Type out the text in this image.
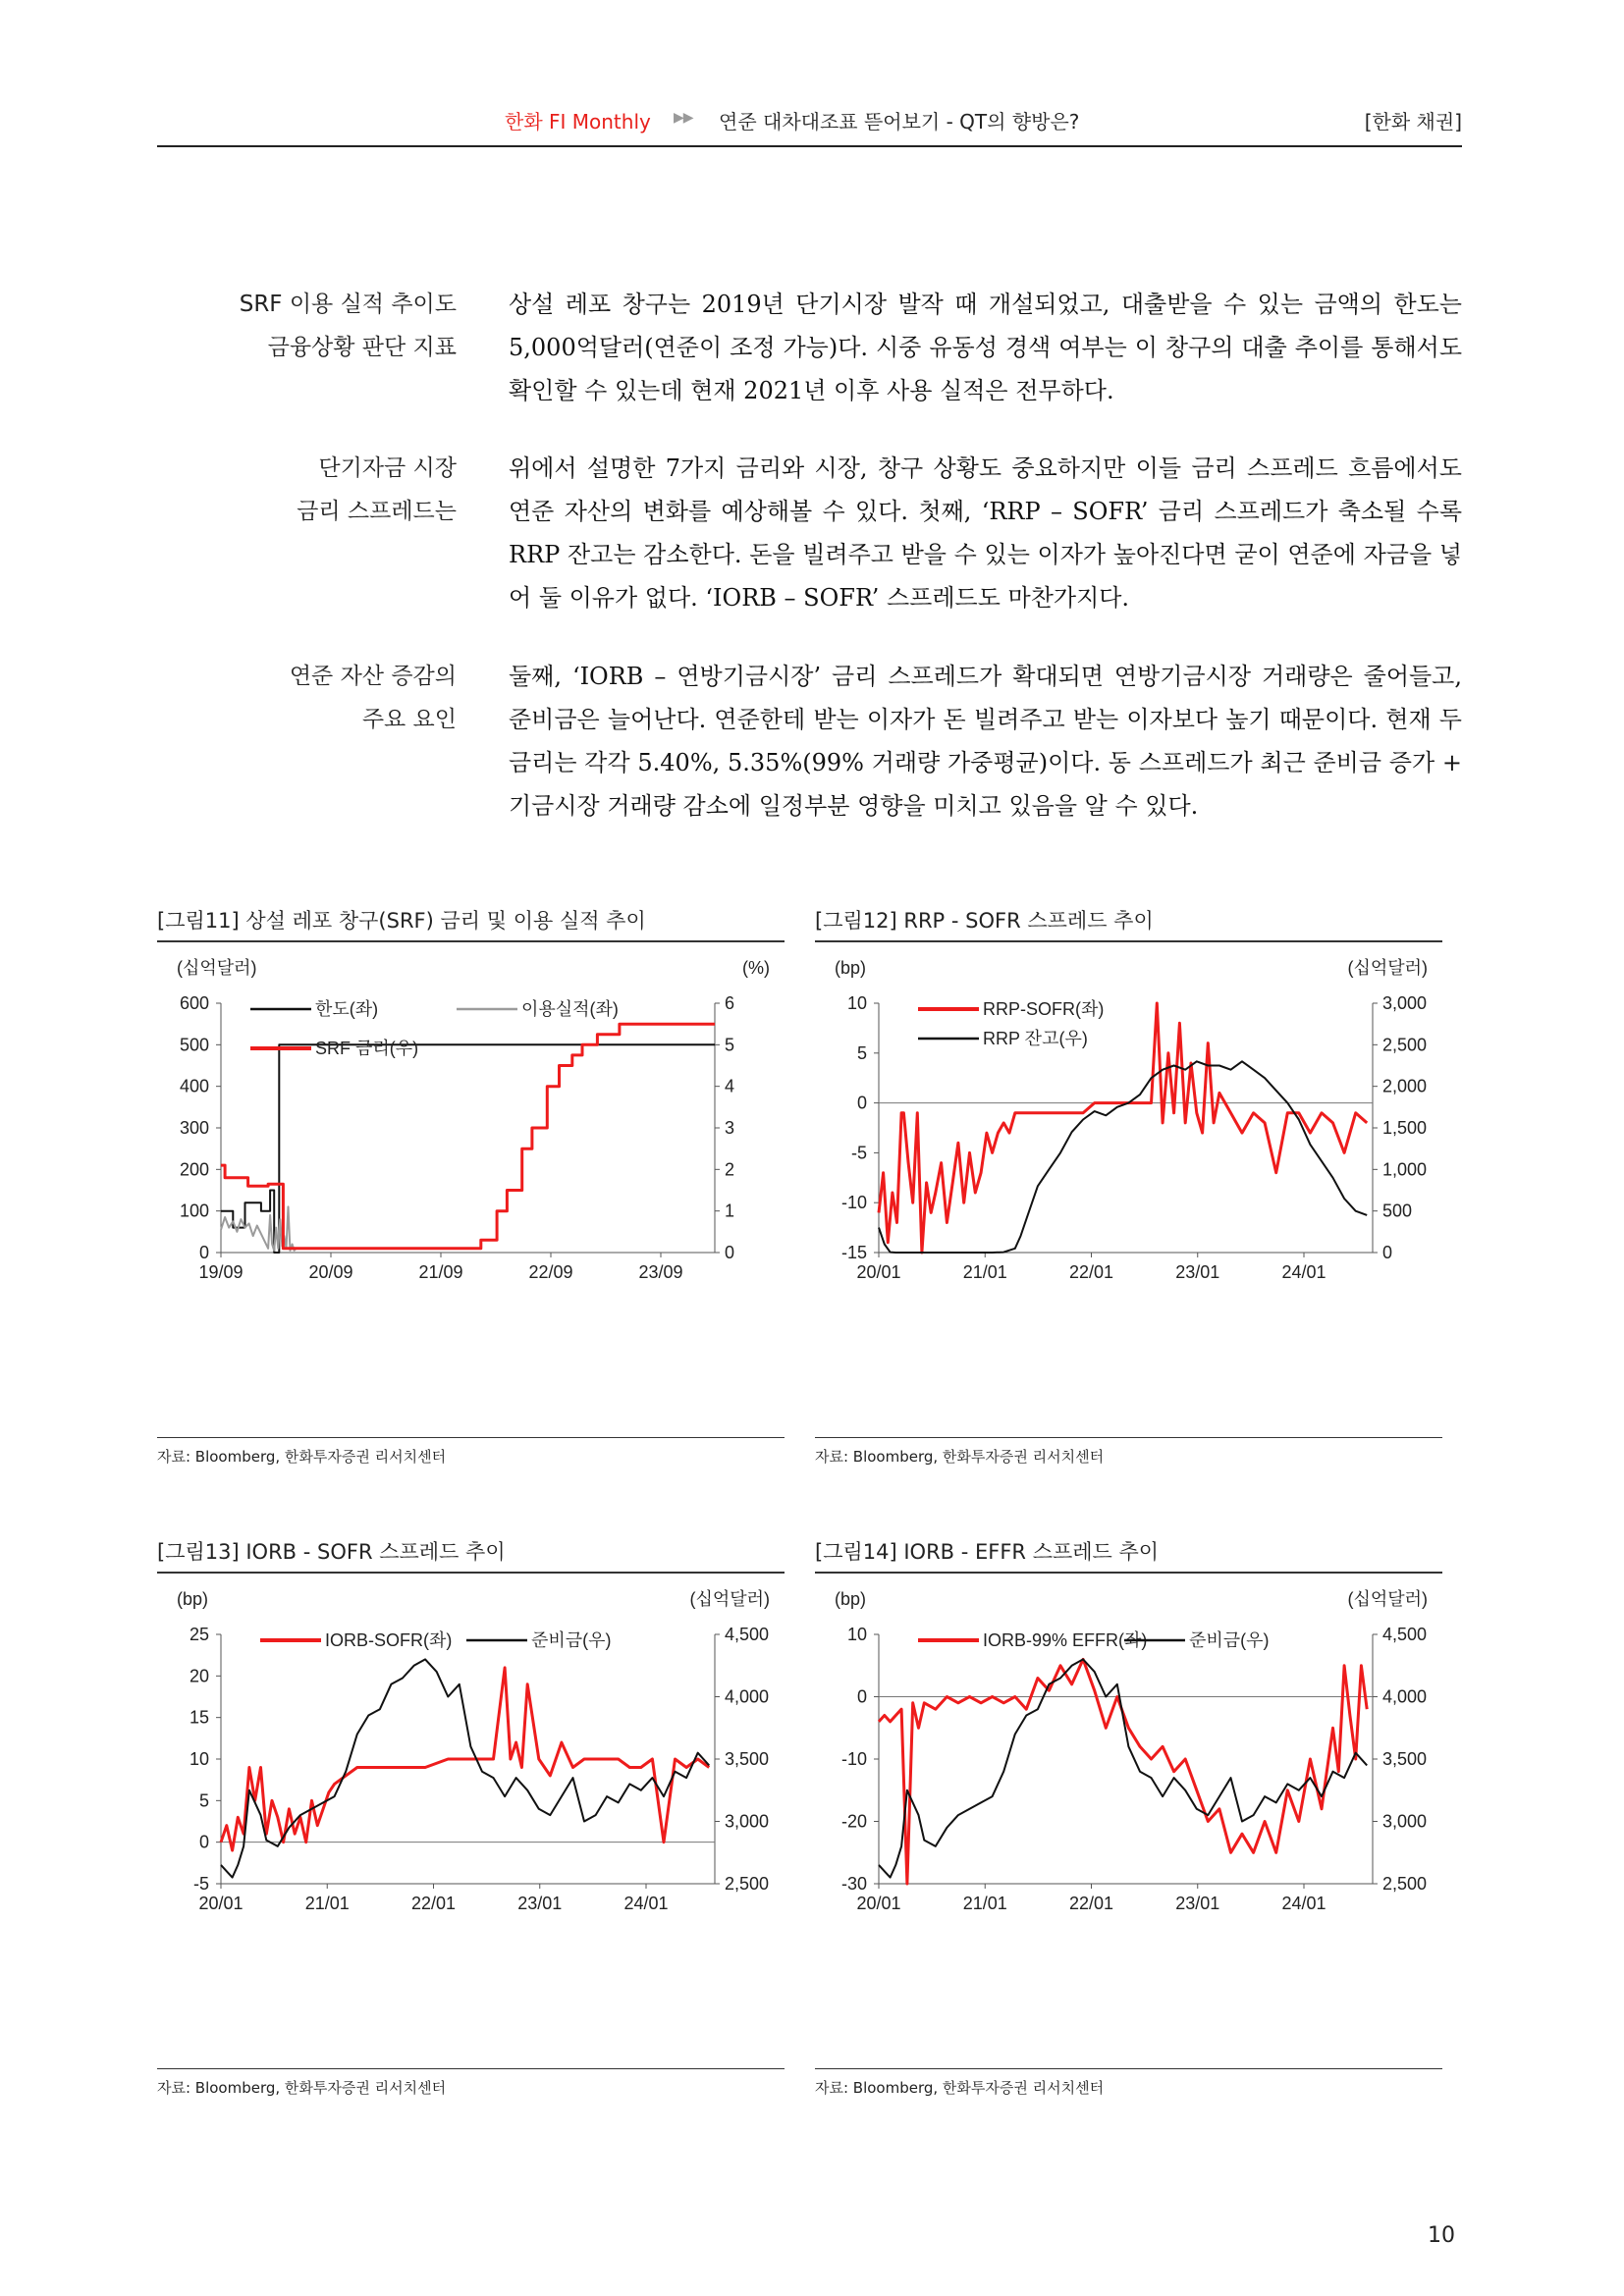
한화 FI Monthly ▶▶ 연준 대차대조표 뜯어보기 - QT의 향방은?	[한화 채권]
SRF 이용 실적 추이도
금융상황 판단 지표
상설 레포 창구는 2019년 단기시장 발작 때 개설되었고, 대출받을 수 있는 금액의 한도는 5,000억달러(연준이 조정 가능)다. 시중 유동성 경색 여부는 이 창구의 대출 추이를 통해서도 확인할 수 있는데 현재 2021년 이후 사용 실적은 전무하다.
단기자금 시장
금리 스프레드는
위에서 설명한 7가지 금리와 시장, 창구 상황도 중요하지만 이들 금리 스프레드 흐름에서도 연준 자산의 변화를 예상해볼 수 있다. 첫째, ‘RRP – SOFR’ 금리 스프레드가 축소될 수록 RRP 잔고는 감소한다. 돈을 빌려주고 받을 수 있는 이자가 높아진다면 굳이 연준에 자금을 넣어 둘 이유가 없다. ‘IORB – SOFR’ 스프레드도 마찬가지다.
연준 자산 증감의
주요 요인
둘째, ‘IORB – 연방기금시장’ 금리 스프레드가 확대되면 연방기금시장 거래량은 줄어들고, 준비금은 늘어난다. 연준한테 받는 이자가 돈 빌려주고 받는 이자보다 높기 때문이다. 현재 두 금리는 각각 5.40%, 5.35%(99% 거래량 가중평균)이다. 동 스프레드가 최근 준비금 증가 + 기금시장 거래량 감소에 일정부분 영향을 미치고 있음을 알 수 있다.
[그림11] 상설 레포 창구(SRF) 금리 및 이용 실적 추이
(십억달러)	(%)
0
100
200
300
400
500
600
0
1
2
3
4
5
6
19/09	20/09	21/09	22/09	23/09
한도(좌)	이용실적(좌)
SRF 금리(우)
자료: Bloomberg, 한화투자증권 리서치센터
[그림12] RRP - SOFR 스프레드 추이
(bp)	(십억달러)
-15
-10
-5
0
5
10
0
500
1,000
1,500
2,000
2,500
3,000
20/01	21/01	22/01	23/01	24/01
RRP-SOFR(좌)
RRP 잔고(우)
자료: Bloomberg, 한화투자증권 리서치센터
[그림13] IORB - SOFR 스프레드 추이
(bp)	(십억달러)
-5
0
5
10
15
20
25
2,500
3,000
3,500
4,000
4,500
20/01	21/01	22/01	23/01	24/01
IORB-SOFR(좌)	준비금(우)
자료: Bloomberg, 한화투자증권 리서치센터
[그림14] IORB - EFFR 스프레드 추이
(bp)	(십억달러)
-30
-20
-10
0
10
2,500
3,000
3,500
4,000
4,500
20/01	21/01	22/01	23/01	24/01
IORB-99% EFFR(좌) 준비금(우)
자료: Bloomberg, 한화투자증권 리서치센터
10
